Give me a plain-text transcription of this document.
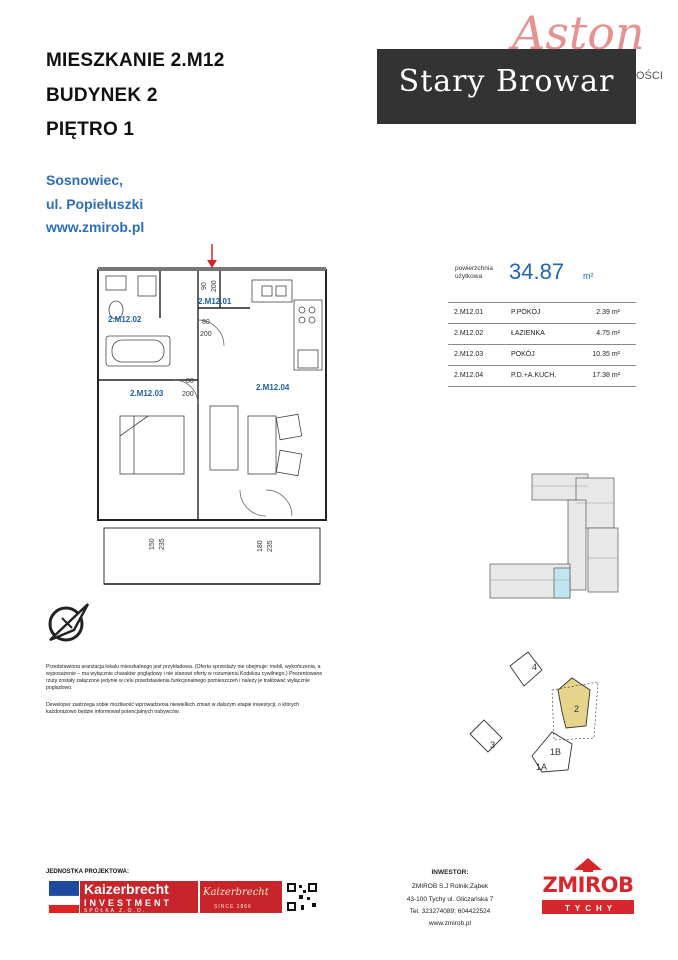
MIESZKANIE 2.M12
BUDYNEK 2
PIĘTRO 1
Sosnowiec,
ul. Popiełuszki
www.zmirob.pl
Aston
OŚCI
Stary Browar
powierzchnia
użytkowa	34.87 m²
2.M12.01	P.POKÓJ	2.39 m²
2.M12.02	ŁAZIENKA	4.75 m²
2.M12.03	POKÓJ	10.35 m²
2.M12.04	P.D.+A.KUCH.	17.38 m²
2.M12.01
2.M12.02
2.M12.03
2.M12.04
90 200
80
200
80
200
150 235	180 235
4
2
3
1B
1A
Przedstawiona aranżacja lokalu mieszkalnego jest przykładowa. (Oferta sprzedaży nie obejmuje: mebli, wykończenia, a wyposażenie – ma wyłącznie charakter poglądowy i nie stanowi oferty w rozumieniu Kodeksu cywilnego.) Prezentowane rzuty zostały załączone jedynie w celu przedstawienia funkcjonalnego pomieszczeń i należy je traktować wyłącznie poglądowo.
Deweloper zastrzega sobie możliwość wprowadzenia niewielkich zmian w dalszym etapie inwestycji, o których każdorazowo będzie informował potencjalnych nabywców.
JEDNOSTKA PROJEKTOWA:
Kaizerbrecht
INVESTMENT
SPÓŁKA Z.O.O.
Kaizerbrecht
SINCE 1866
INWESTOR:
ZMIROB S.J Rolnik;Ząbek
43-100 Tychy ul. Gliczańska 7
Tel. 323274089; 604422524
www.zmirob.pl
ZMIROB
TYCHY
